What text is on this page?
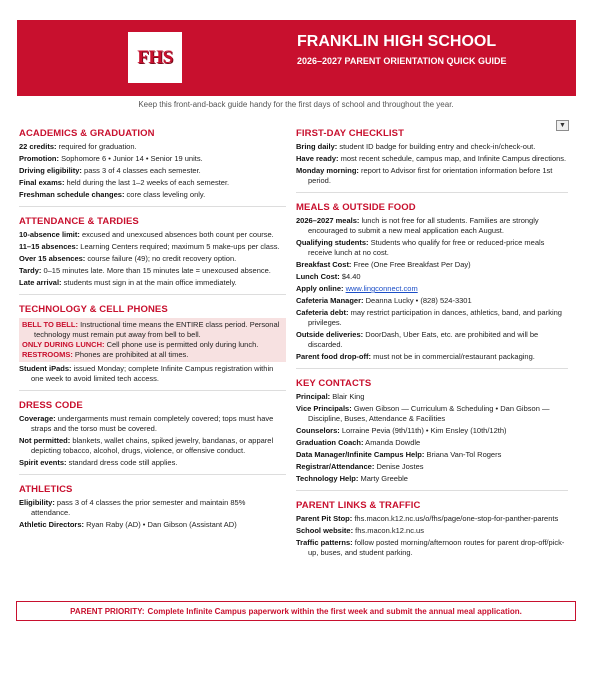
FHS
FRANKLIN HIGH SCHOOL
2026–2027 PARENT ORIENTATION QUICK GUIDE
Keep this front-and-back guide handy for the first days of school and throughout the year.
▼
ACADEMICS & GRADUATION
22 credits: required for graduation.
Promotion: Sophomore 6 • Junior 14 • Senior 19 units.
Driving eligibility: pass 3 of 4 classes each semester.
Final exams: held during the last 1–2 weeks of each semester.
Freshman schedule changes: core class leveling only.
ATTENDANCE & TARDIES
10-absence limit: excused and unexcused absences both count per course.
11–15 absences: Learning Centers required; maximum 5 make-ups per class.
Over 15 absences: course failure (49); no credit recovery option.
Tardy: 0–15 minutes late. More than 15 minutes late = unexcused absence.
Late arrival: students must sign in at the main office immediately.
TECHNOLOGY & CELL PHONES
BELL TO BELL: Instructional time means the ENTIRE class period. Personal technology must remain put away from bell to bell.
ONLY DURING LUNCH: Cell phone use is permitted only during lunch.
RESTROOMS: Phones are prohibited at all times.
Student iPads: issued Monday; complete Infinite Campus registration within one week to avoid limited tech access.
DRESS CODE
Coverage: undergarments must remain completely covered; tops must have straps and the torso must be covered.
Not permitted: blankets, wallet chains, spiked jewelry, bandanas, or apparel depicting tobacco, alcohol, drugs, violence, or offensive conduct.
Spirit events: standard dress code still applies.
ATHLETICS
Eligibility: pass 3 of 4 classes the prior semester and maintain 85% attendance.
Athletic Directors: Ryan Raby (AD) • Dan Gibson (Assistant AD)
FIRST-DAY CHECKLIST
Bring daily: student ID badge for building entry and check-in/check-out.
Have ready: most recent schedule, campus map, and Infinite Campus directions.
Monday morning: report to Advisor first for orientation information before 1st period.
MEALS & OUTSIDE FOOD
2026–2027 meals: lunch is not free for all students. Families are strongly encouraged to submit a new meal application each August.
Qualifying students: Students who qualify for free or reduced-price meals receive lunch at no cost.
Breakfast Cost: Free (One Free Breakfast Per Day)
Lunch Cost: $4.40
Apply online: www.lingconnect.com
Cafeteria Manager: Deanna Lucky • (828) 524-3301
Cafeteria debt: may restrict participation in dances, athletics, band, and parking privileges.
Outside deliveries: DoorDash, Uber Eats, etc. are prohibited and will be discarded.
Parent food drop-off: must not be in commercial/restaurant packaging.
KEY CONTACTS
Principal: Blair King
Vice Principals: Gwen Gibson — Curriculum & Scheduling • Dan Gibson — Discipline, Buses, Attendance & Facilities
Counselors: Lorraine Pevia (9th/11th) • Kim Ensley (10th/12th)
Graduation Coach: Amanda Dowdle
Data Manager/Infinite Campus Help: Briana Van-Tol Rogers
Registrar/Attendance: Denise Jostes
Technology Help: Marty Greeble
PARENT LINKS & TRAFFIC
Parent Pit Stop: fhs.macon.k12.nc.us/o/fhs/page/one-stop-for-panther-parents
School website: fhs.macon.k12.nc.us
Traffic patterns: follow posted morning/afternoon routes for parent drop-off/pick-up, buses, and student parking.
PARENT PRIORITY: Complete Infinite Campus paperwork within the first week and submit the annual meal application.
